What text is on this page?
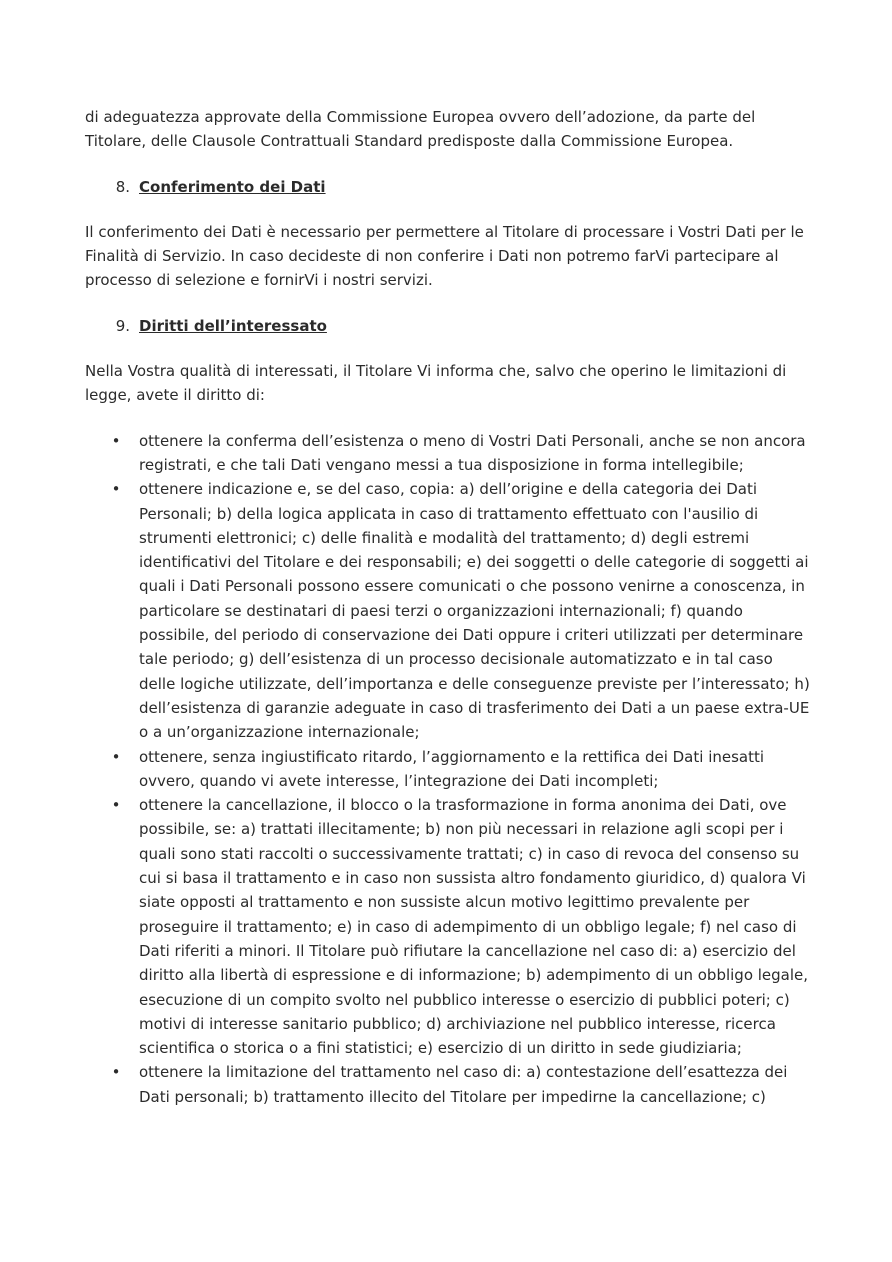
di adeguatezza approvate della Commissione Europea ovvero dell’adozione, da parte del Titolare, delle Clausole Contrattuali Standard predisposte dalla Commissione Europea.

8. Conferimento dei Dati

Il conferimento dei Dati è necessario per permettere al Titolare di processare i Vostri Dati per le Finalità di Servizio. In caso decideste di non conferire i Dati non potremo farVi partecipare al processo di selezione e fornirVi i nostri servizi.

9. Diritti dell’interessato

Nella Vostra qualità di interessati, il Titolare Vi informa che, salvo che operino le limitazioni di legge, avete il diritto di:

• ottenere la conferma dell’esistenza o meno di Vostri Dati Personali, anche se non ancora registrati, e che tali Dati vengano messi a tua disposizione in forma intellegibile;
• ottenere indicazione e, se del caso, copia: a) dell’origine e della categoria dei Dati Personali; b) della logica applicata in caso di trattamento effettuato con l'ausilio di strumenti elettronici; c) delle finalità e modalità del trattamento; d) degli estremi identificativi del Titolare e dei responsabili; e) dei soggetti o delle categorie di soggetti ai quali i Dati Personali possono essere comunicati o che possono venirne a conoscenza, in particolare se destinatari di paesi terzi o organizzazioni internazionali; f) quando possibile, del periodo di conservazione dei Dati oppure i criteri utilizzati per determinare tale periodo; g) dell’esistenza di un processo decisionale automatizzato e in tal caso delle logiche utilizzate, dell’importanza e delle conseguenze previste per l’interessato; h) dell’esistenza di garanzie adeguate in caso di trasferimento dei Dati a un paese extra-UE o a un’organizzazione internazionale;
• ottenere, senza ingiustificato ritardo, l’aggiornamento e la rettifica dei Dati inesatti ovvero, quando vi avete interesse, l’integrazione dei Dati incompleti;
• ottenere la cancellazione, il blocco o la trasformazione in forma anonima dei Dati, ove possibile, se: a) trattati illecitamente; b) non più necessari in relazione agli scopi per i quali sono stati raccolti o successivamente trattati; c) in caso di revoca del consenso su cui si basa il trattamento e in caso non sussista altro fondamento giuridico, d) qualora Vi siate opposti al trattamento e non sussiste alcun motivo legittimo prevalente per proseguire il trattamento; e) in caso di adempimento di un obbligo legale; f) nel caso di Dati riferiti a minori. Il Titolare può rifiutare la cancellazione nel caso di: a) esercizio del diritto alla libertà di espressione e di informazione; b) adempimento di un obbligo legale, esecuzione di un compito svolto nel pubblico interesse o esercizio di pubblici poteri; c) motivi di interesse sanitario pubblico; d) archiviazione nel pubblico interesse, ricerca scientifica o storica o a fini statistici; e) esercizio di un diritto in sede giudiziaria;
• ottenere la limitazione del trattamento nel caso di: a) contestazione dell’esattezza dei Dati personali; b) trattamento illecito del Titolare per impedirne la cancellazione; c)
